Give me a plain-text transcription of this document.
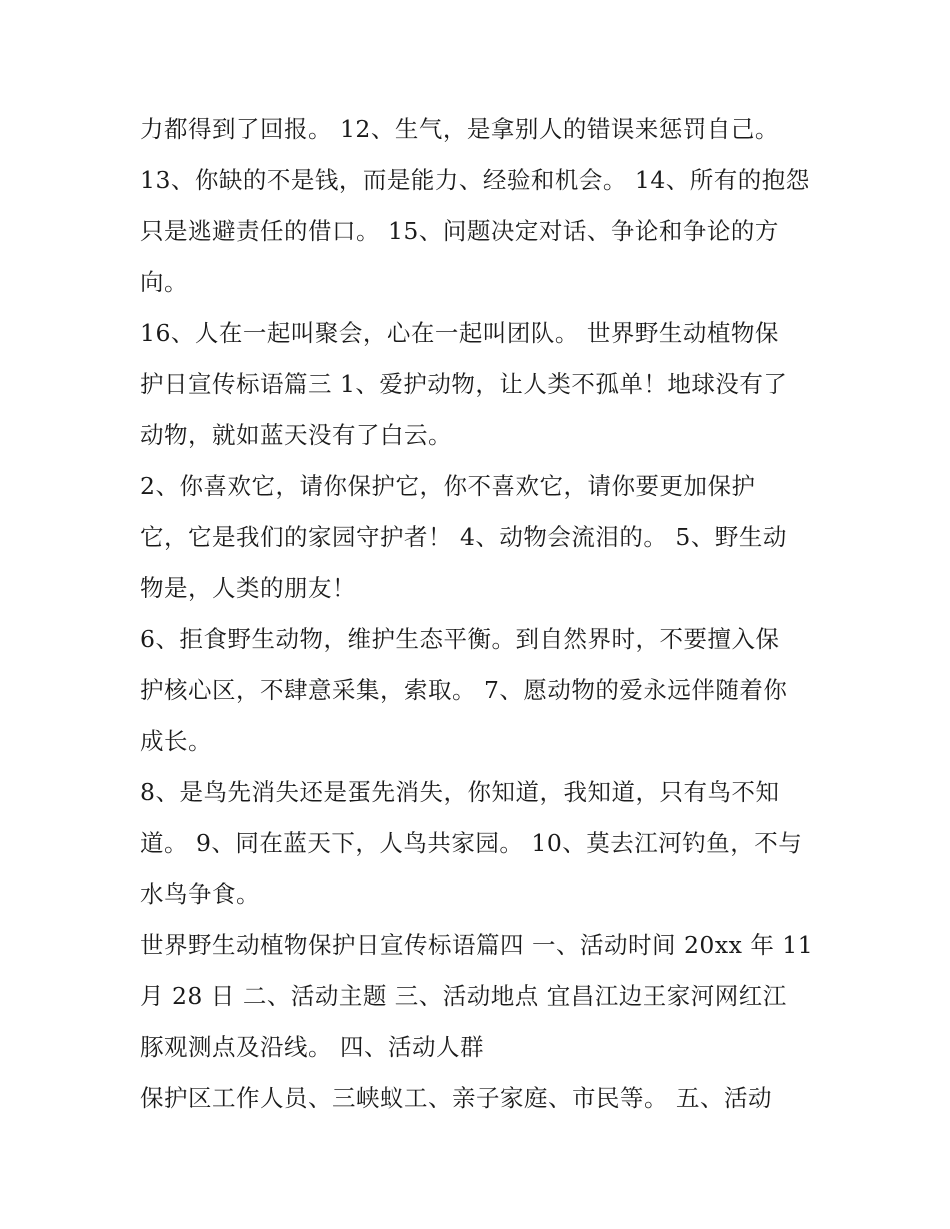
力都得到了回报。 12、生气，是拿别人的错误来惩罚自己。
13、你缺的不是钱，而是能力、经验和机会。 14、所有的抱怨
只是逃避责任的借口。 15、问题决定对话、争论和争论的方
向。
16、人在一起叫聚会，心在一起叫团队。 世界野生动植物保
护日宣传标语篇三 1、爱护动物，让人类不孤单！地球没有了
动物，就如蓝天没有了白云。
2、你喜欢它，请你保护它，你不喜欢它，请你要更加保护
它，它是我们的家园守护者！ 4、动物会流泪的。 5、野生动
物是，人类的朋友！
6、拒食野生动物，维护生态平衡。到自然界时，不要擅入保
护核心区，不肆意采集，索取。 7、愿动物的爱永远伴随着你
成长。
8、是鸟先消失还是蛋先消失，你知道，我知道，只有鸟不知
道。 9、同在蓝天下，人鸟共家园。 10、莫去江河钓鱼，不与
水鸟争食。
世界野生动植物保护日宣传标语篇四 一、活动时间 20xx 年 11
月 28 日 二、活动主题 三、活动地点 宜昌江边王家河网红江
豚观测点及沿线。 四、活动人群
保护区工作人员、三峡蚁工、亲子家庭、市民等。 五、活动
